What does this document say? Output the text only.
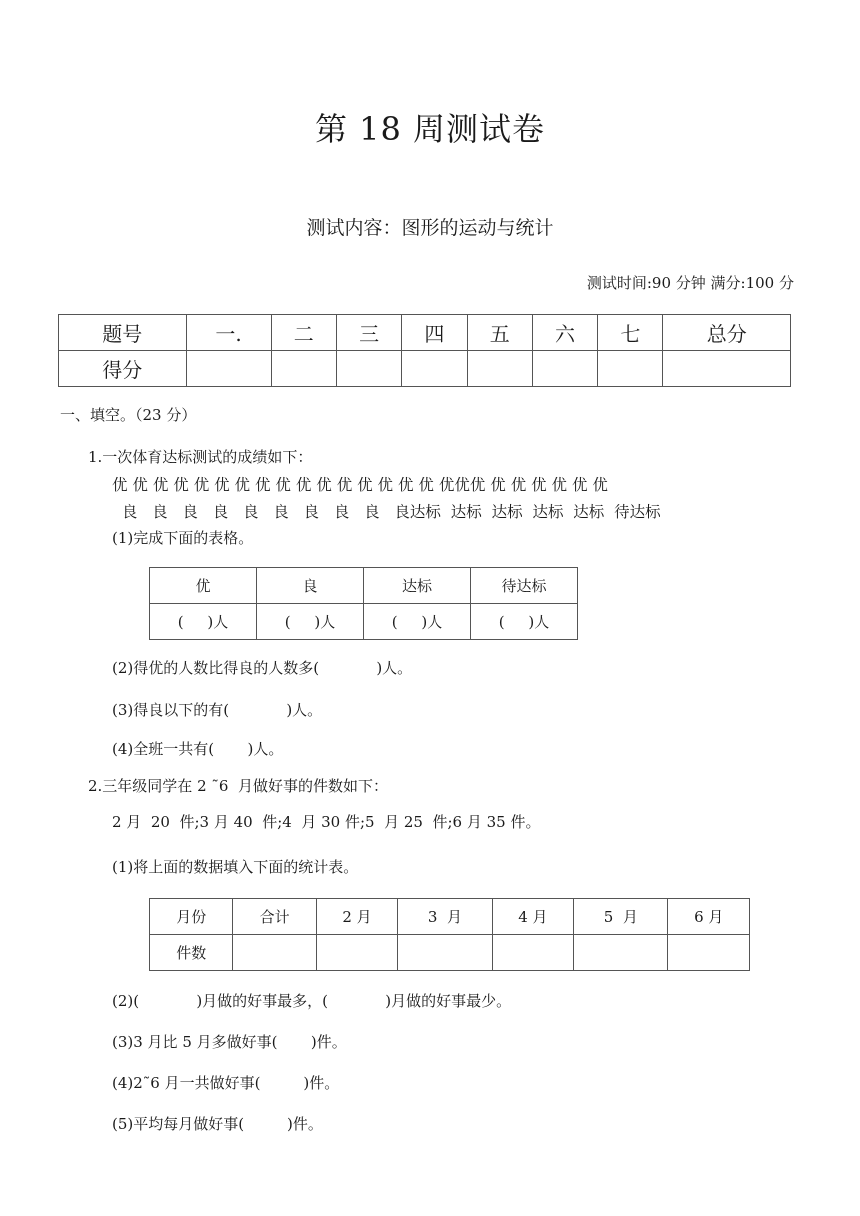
第 18 周测试卷
测试内容：图形的运动与统计
测试时间:90 分钟 满分:100 分
题号	一.	二	三	四	五	六	七	总分
得分								
一、填空。（23 分）
1.一次体育达标测试的成绩如下：
优 优 优 优 优 优 优 优 优 优 优 优 优 优 优 优 优优优 优 优 优 优 优 优
良   良   良   良   良   良   良   良   良   良达标  达标  达标  达标  达标  待达标
(1)完成下面的表格。
优	良	达标	待达标
(     )人	(     )人	(     )人	(     )人
(2)得优的人数比得良的人数多(            )人。
(3)得良以下的有(            )人。
(4)全班一共有(       )人。
2.三年级同学在 2 ˜6  月做好事的件数如下：
2 月  20  件;3 月 40  件;4  月 30 件;5  月 25  件;6 月 35 件。
(1)将上面的数据填入下面的统计表。
月份	合计	2 月	3  月	4 月	5  月	6 月
件数						
(2)(            )月做的好事最多，(            )月做的好事最少。
(3)3 月比 5 月多做好事(       )件。
(4)2˜6 月一共做好事(         )件。
(5)平均每月做好事(         )件。
